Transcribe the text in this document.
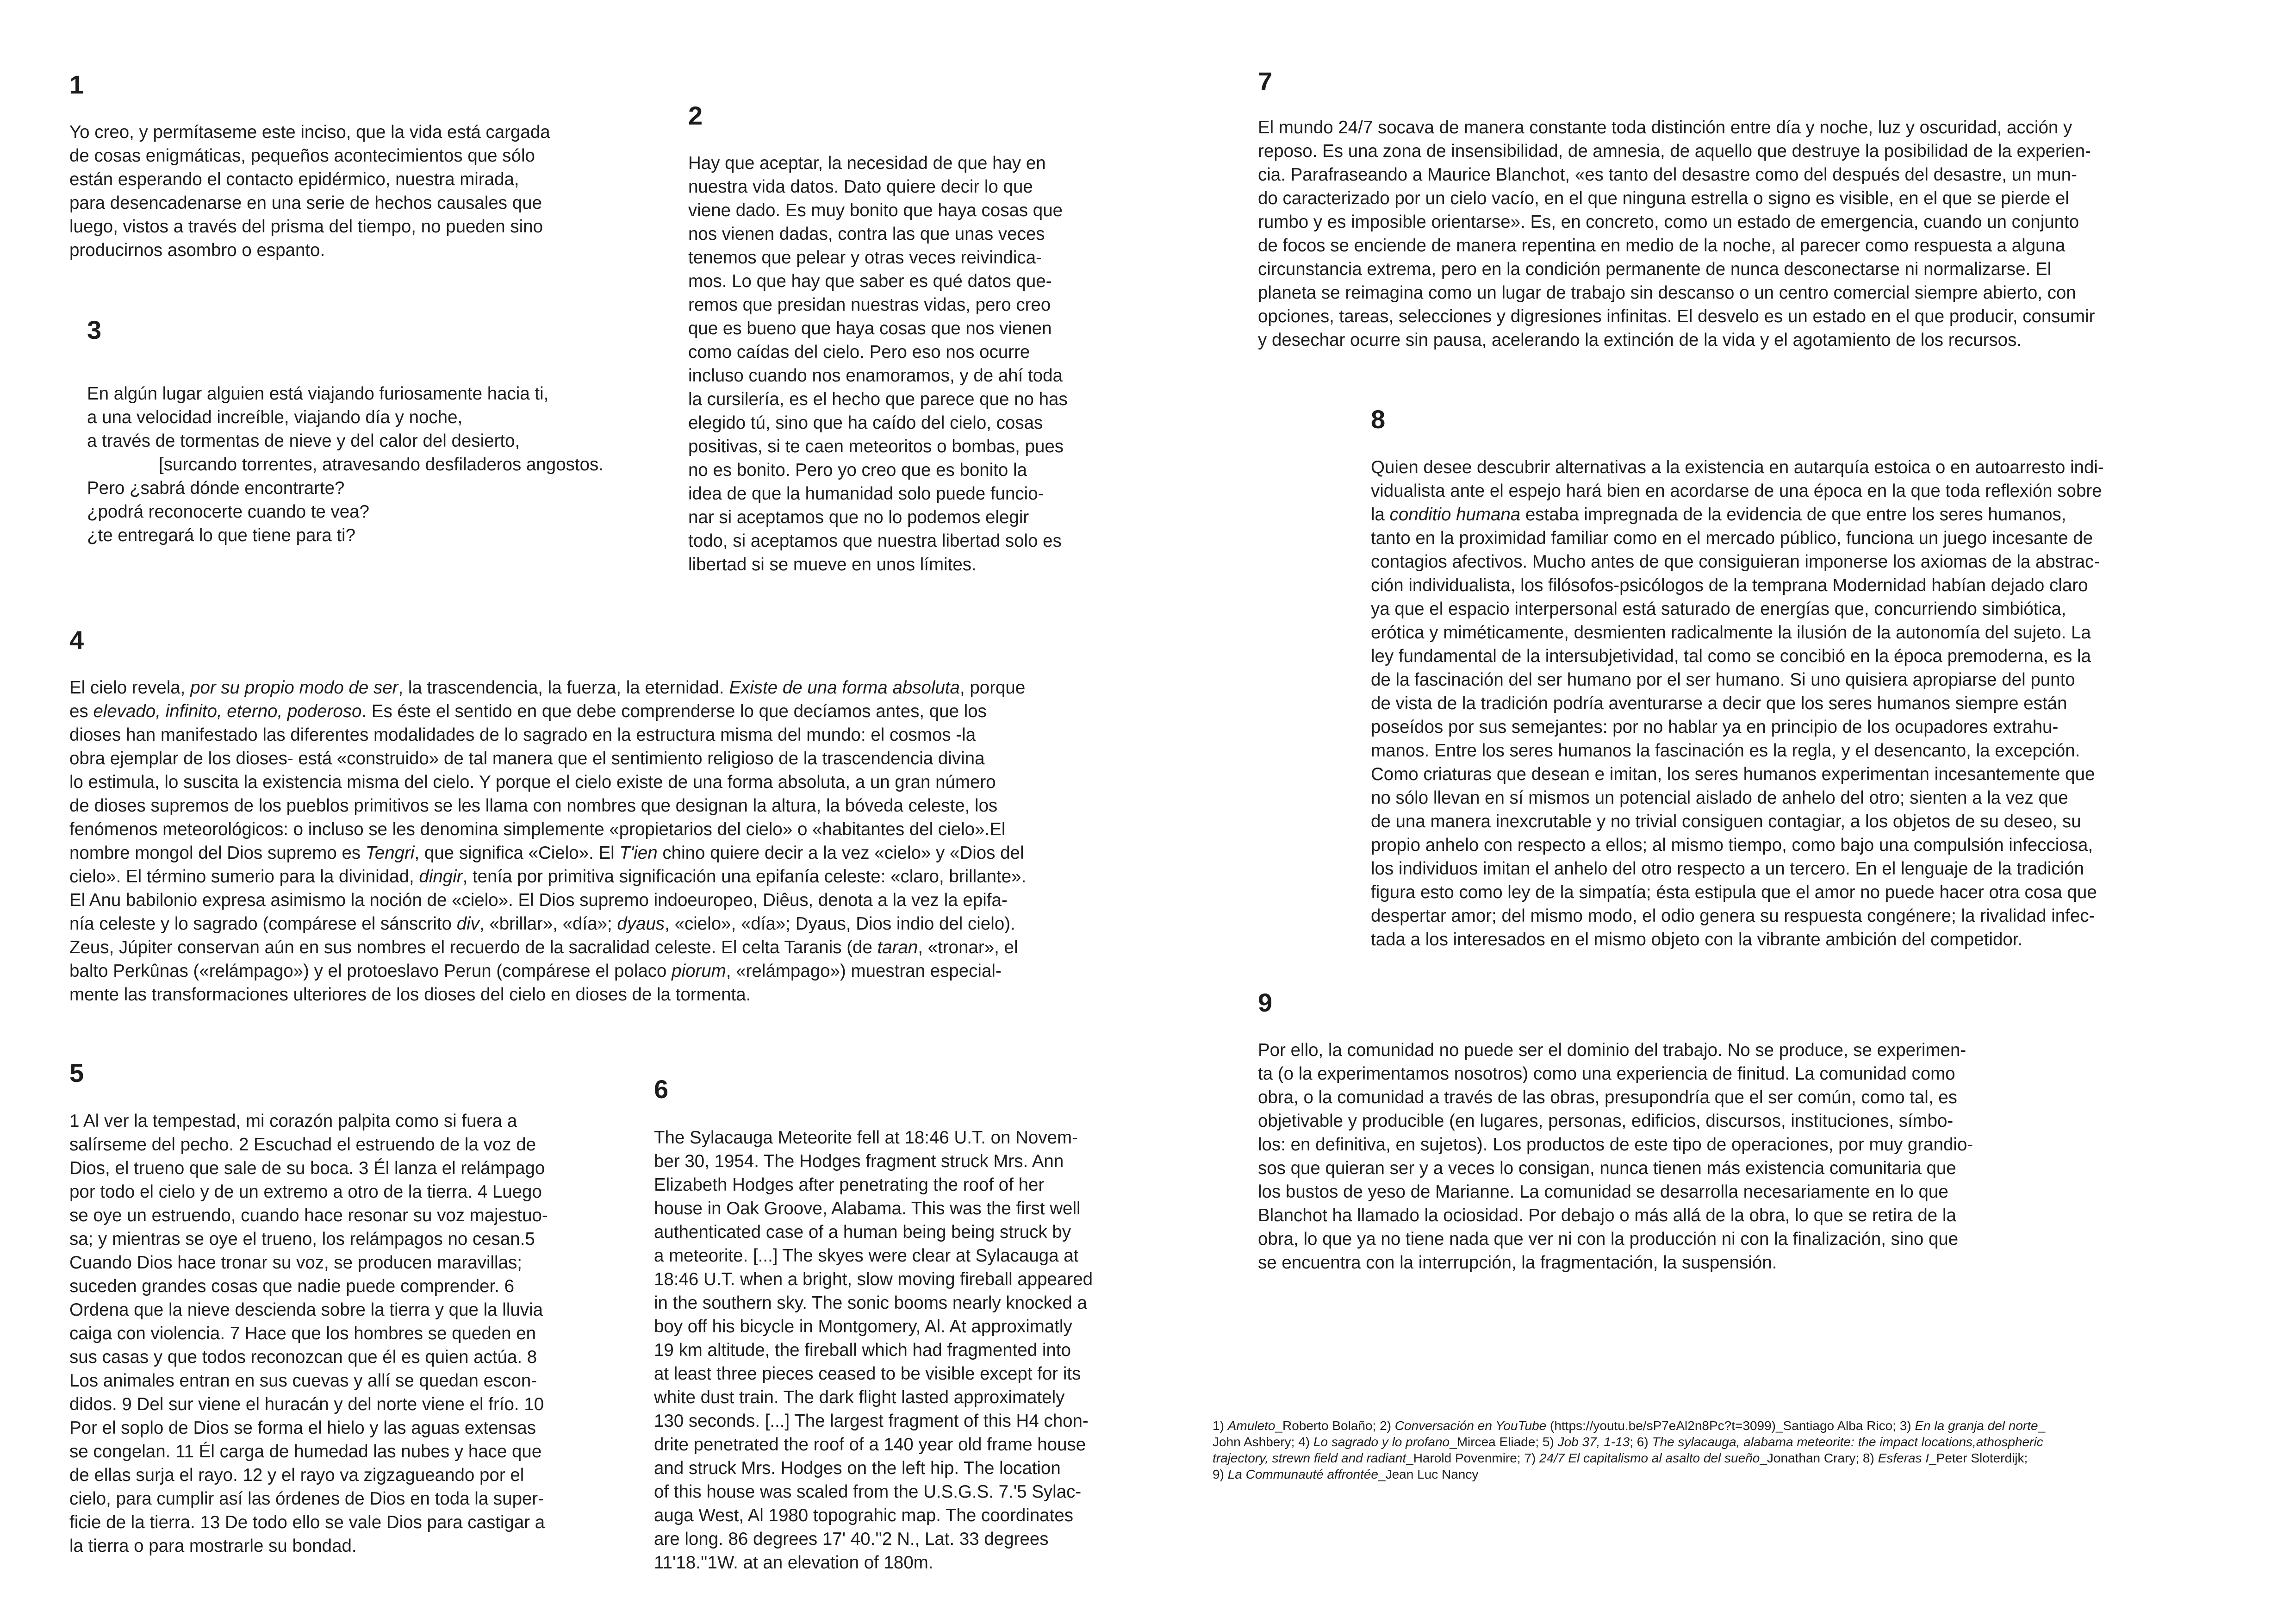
1
Yo creo, y permítaseme este inciso, que la vida está cargada
de cosas enigmáticas, pequeños acontecimientos que sólo
están esperando el contacto epidérmico, nuestra mirada,
para desencadenarse en una serie de hechos causales que
luego, vistos a través del prisma del tiempo, no pueden sino
producirnos asombro o espanto.
2
Hay que aceptar, la necesidad de que hay en
nuestra vida datos. Dato quiere decir lo que
viene dado. Es muy bonito que haya cosas que
nos vienen dadas, contra las que unas veces
tenemos que pelear y otras veces reivindica-
mos. Lo que hay que saber es qué datos que-
remos que presidan nuestras vidas, pero creo
que es bueno que haya cosas que nos vienen
como caídas del cielo. Pero eso nos ocurre
incluso cuando nos enamoramos, y de ahí toda
la cursilería, es el hecho que parece que no has
elegido tú, sino que ha caído del cielo, cosas
positivas, si te caen meteoritos o bombas, pues
no es bonito. Pero yo creo que es bonito la
idea de que la humanidad solo puede funcio-
nar si aceptamos que no lo podemos elegir
todo, si aceptamos que nuestra libertad solo es
libertad si se mueve en unos límites.
3
En algún lugar alguien está viajando furiosamente hacia ti,
a una velocidad increíble, viajando día y noche,
a través de tormentas de nieve y del calor del desierto,
[surcando torrentes, atravesando desfiladeros angostos.
Pero ¿sabrá dónde encontrarte?
¿podrá reconocerte cuando te vea?
¿te entregará lo que tiene para ti?
4
El cielo revela, por su propio modo de ser, la trascendencia, la fuerza, la eternidad. Existe de una forma absoluta, porque
es elevado, infinito, eterno, poderoso. Es éste el sentido en que debe comprenderse lo que decíamos antes, que los
dioses han manifestado las diferentes modalidades de lo sagrado en la estructura misma del mundo: el cosmos -la
obra ejemplar de los dioses- está «construido» de tal manera que el sentimiento religioso de la trascendencia divina
lo estimula, lo suscita la existencia misma del cielo. Y porque el cielo existe de una forma absoluta, a un gran número
de dioses supremos de los pueblos primitivos se les llama con nombres que designan la altura, la bóveda celeste, los
fenómenos meteorológicos: o incluso se les denomina simplemente «propietarios del cielo» o «habitantes del cielo».El
nombre mongol del Dios supremo es Tengri, que significa «Cielo». El T'ien chino quiere decir a la vez «cielo» y «Dios del
cielo». El término sumerio para la divinidad, dingir, tenía por primitiva significación una epifanía celeste: «claro, brillante».
El Anu babilonio expresa asimismo la noción de «cielo». El Dios supremo indoeuropeo, Diêus, denota a la vez la epifa-
nía celeste y lo sagrado (compárese el sánscrito div, «brillar», «día»; dyaus, «cielo», «día»; Dyaus, Dios indio del cielo).
Zeus, Júpiter conservan aún en sus nombres el recuerdo de la sacralidad celeste. El celta Taranis (de taran, «tronar», el
balto Perkûnas («relámpago») y el protoeslavo Perun (compárese el polaco piorum, «relámpago») muestran especial-
mente las transformaciones ulteriores de los dioses del cielo en dioses de la tormenta.
5
1 Al ver la tempestad, mi corazón palpita como si fuera a
salírseme del pecho. 2 Escuchad el estruendo de la voz de
Dios, el trueno que sale de su boca. 3 Él lanza el relámpago
por todo el cielo y de un extremo a otro de la tierra. 4 Luego
se oye un estruendo, cuando hace resonar su voz majestuo-
sa; y mientras se oye el trueno, los relámpagos no cesan.5
Cuando Dios hace tronar su voz, se producen maravillas;
suceden grandes cosas que nadie puede comprender. 6
Ordena que la nieve descienda sobre la tierra y que la lluvia
caiga con violencia. 7 Hace que los hombres se queden en
sus casas y que todos reconozcan que él es quien actúa. 8
Los animales entran en sus cuevas y allí se quedan escon-
didos. 9 Del sur viene el huracán y del norte viene el frío. 10
Por el soplo de Dios se forma el hielo y las aguas extensas
se congelan. 11 Él carga de humedad las nubes y hace que
de ellas surja el rayo. 12 y el rayo va zigzagueando por el
cielo, para cumplir así las órdenes de Dios en toda la super-
ficie de la tierra. 13 De todo ello se vale Dios para castigar a
la tierra o para mostrarle su bondad.
6
The Sylacauga Meteorite fell at 18:46 U.T. on Novem-
ber 30, 1954. The Hodges fragment struck Mrs. Ann
Elizabeth Hodges after penetrating the roof of her
house in Oak Groove, Alabama. This was the first well
authenticated case of a human being being struck by
a meteorite. [...] The skyes were clear at Sylacauga at
18:46 U.T. when a bright, slow moving fireball appeared
in the southern sky. The sonic booms nearly knocked a
boy off his bicycle in Montgomery, Al. At approximatly
19 km altitude, the fireball which had fragmented into
at least three pieces ceased to be visible except for its
white dust train. The dark flight lasted approximately
130 seconds. [...] The largest fragment of this H4 chon-
drite penetrated the roof of a 140 year old frame house
and struck Mrs. Hodges on the left hip. The location
of this house was scaled from the U.S.G.S. 7.'5 Sylac-
auga West, Al 1980 topograhic map. The coordinates
are long. 86 degrees 17' 40.''2 N., Lat. 33 degrees
11'18.''1W. at an elevation of 180m.
7
El mundo 24/7 socava de manera constante toda distinción entre día y noche, luz y oscuridad, acción y
reposo. Es una zona de insensibilidad, de amnesia, de aquello que destruye la posibilidad de la experien-
cia. Parafraseando a Maurice Blanchot, «es tanto del desastre como del después del desastre, un mun-
do caracterizado por un cielo vacío, en el que ninguna estrella o signo es visible, en el que se pierde el
rumbo y es imposible orientarse». Es, en concreto, como un estado de emergencia, cuando un conjunto
de focos se enciende de manera repentina en medio de la noche, al parecer como respuesta a alguna
circunstancia extrema, pero en la condición permanente de nunca desconectarse ni normalizarse. El
planeta se reimagina como un lugar de trabajo sin descanso o un centro comercial siempre abierto, con
opciones, tareas, selecciones y digresiones infinitas. El desvelo es un estado en el que producir, consumir
y desechar ocurre sin pausa, acelerando la extinción de la vida y el agotamiento de los recursos.
8
Quien desee descubrir alternativas a la existencia en autarquía estoica o en autoarresto indi-
vidualista ante el espejo hará bien en acordarse de una época en la que toda reflexión sobre
la conditio humana estaba impregnada de la evidencia de que entre los seres humanos,
tanto en la proximidad familiar como en el mercado público, funciona un juego incesante de
contagios afectivos. Mucho antes de que consiguieran imponerse los axiomas de la abstrac-
ción individualista, los filósofos-psicólogos de la temprana Modernidad habían dejado claro
ya que el espacio interpersonal está saturado de energías que, concurriendo simbiótica,
erótica y miméticamente, desmienten radicalmente la ilusión de la autonomía del sujeto. La
ley fundamental de la intersubjetividad, tal como se concibió en la época premoderna, es la
de la fascinación del ser humano por el ser humano. Si uno quisiera apropiarse del punto
de vista de la tradición podría aventurarse a decir que los seres humanos siempre están
poseídos por sus semejantes: por no hablar ya en principio de los ocupadores extrahu-
manos. Entre los seres humanos la fascinación es la regla, y el desencanto, la excepción.
Como criaturas que desean e imitan, los seres humanos experimentan incesantemente que
no sólo llevan en sí mismos un potencial aislado de anhelo del otro; sienten a la vez que
de una manera inexcrutable y no trivial consiguen contagiar, a los objetos de su deseo, su
propio anhelo con respecto a ellos; al mismo tiempo, como bajo una compulsión infecciosa,
los individuos imitan el anhelo del otro respecto a un tercero. En el lenguaje de la tradición
figura esto como ley de la simpatía; ésta estipula que el amor no puede hacer otra cosa que
despertar amor; del mismo modo, el odio genera su respuesta congénere; la rivalidad infec-
tada a los interesados en el mismo objeto con la vibrante ambición del competidor.
9
Por ello, la comunidad no puede ser el dominio del trabajo. No se produce, se experimen-
ta (o la experimentamos nosotros) como una experiencia de finitud. La comunidad como
obra, o la comunidad a través de las obras, presupondría que el ser común, como tal, es
objetivable y producible (en lugares, personas, edificios, discursos, instituciones, símbo-
los: en definitiva, en sujetos). Los productos de este tipo de operaciones, por muy grandio-
sos que quieran ser y a veces lo consigan, nunca tienen más existencia comunitaria que
los bustos de yeso de Marianne. La comunidad se desarrolla necesariamente en lo que
Blanchot ha llamado la ociosidad. Por debajo o más allá de la obra, lo que se retira de la
obra, lo que ya no tiene nada que ver ni con la producción ni con la finalización, sino que
se encuentra con la interrupción, la fragmentación, la suspensión.
1) Amuleto_Roberto Bolaño; 2) Conversación en YouTube (https://youtu.be/sP7eAl2n8Pc?t=3099)_Santiago Alba Rico; 3) En la granja del norte_
John Ashbery; 4) Lo sagrado y lo profano_Mircea Eliade; 5) Job 37, 1-13; 6) The sylacauga, alabama meteorite: the impact locations,athospheric
trajectory, strewn field and radiant_Harold Povenmire; 7) 24/7 El capitalismo al asalto del sueño_Jonathan Crary; 8) Esferas I_Peter Sloterdijk;
9) La Communauté affrontée_Jean Luc Nancy
